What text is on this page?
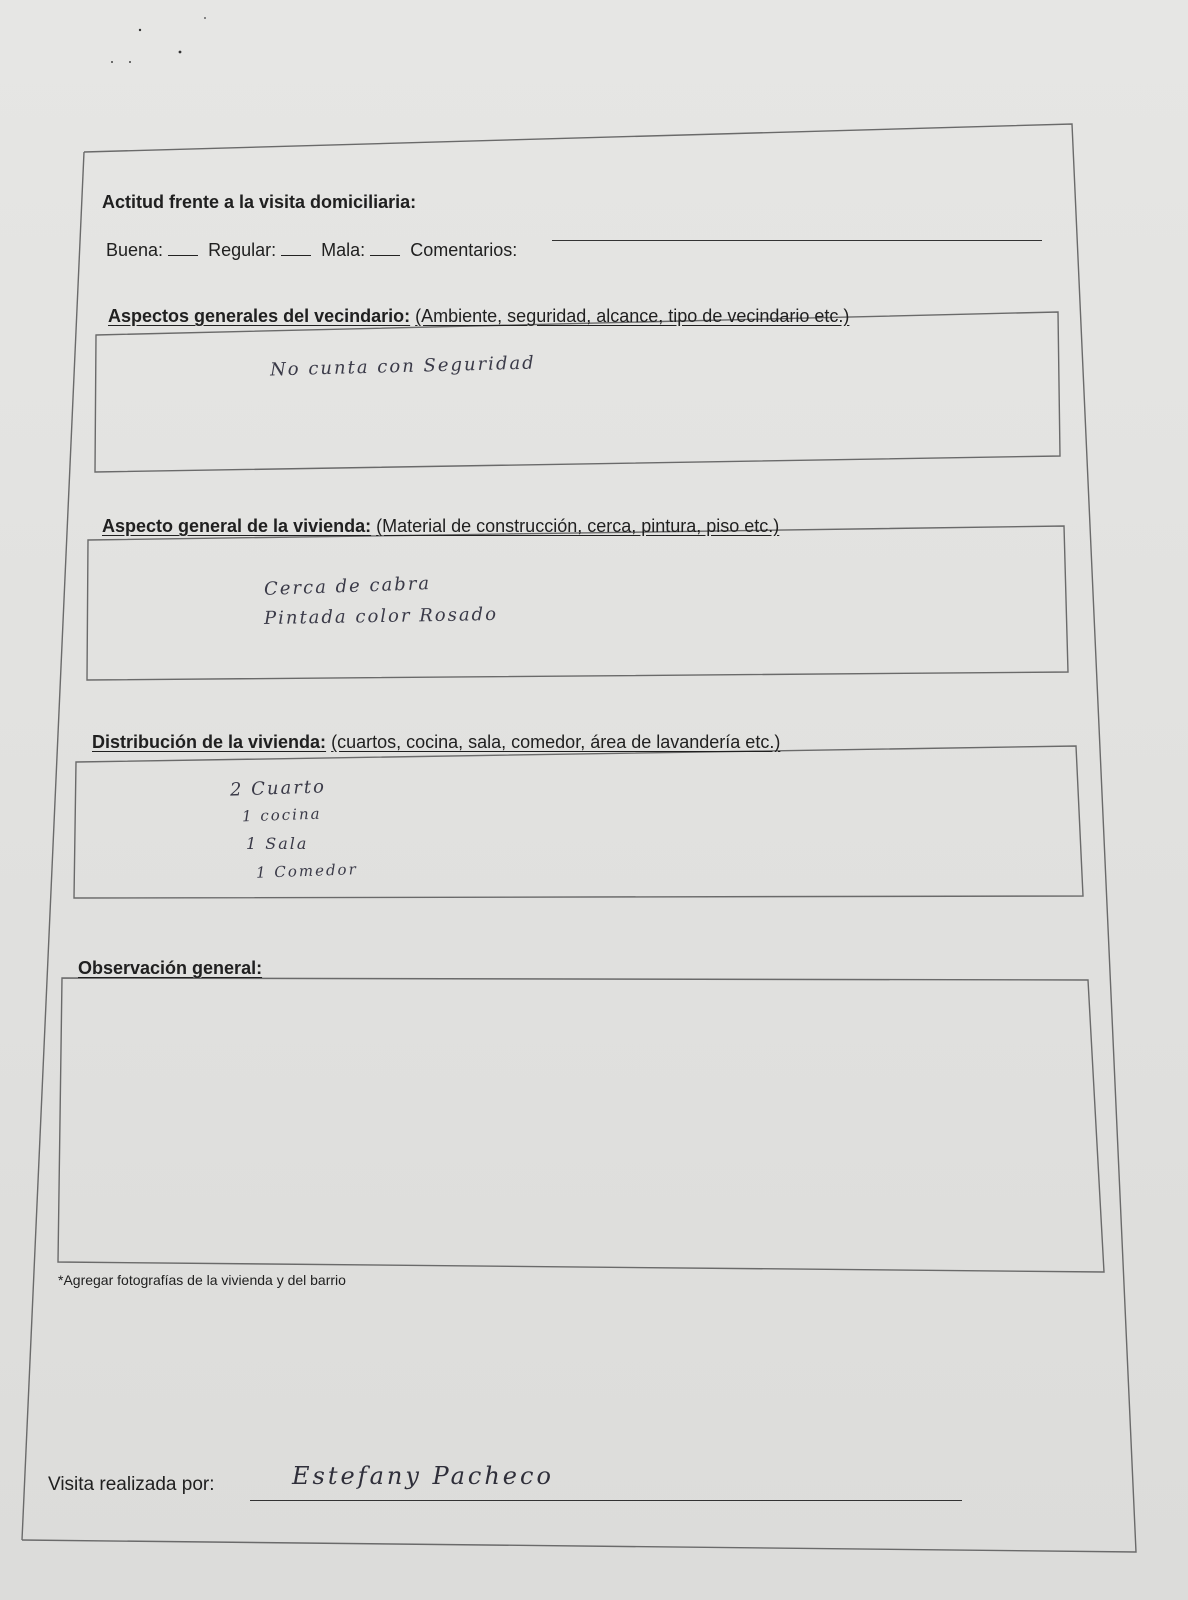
Actitud frente a la visita domiciliaria:
Buena:	Regular:	Mala:	Comentarios:
Aspectos generales del vecindario: (Ambiente, seguridad, alcance, tipo de vecindario etc.)
No cunta con Seguridad
Aspecto general de la vivienda: (Material de construcción, cerca, pintura, piso etc.)
Cerca de cabra
Pintada color Rosado
Distribución de la vivienda: (cuartos, cocina, sala, comedor, área de lavandería etc.)
2 Cuarto
1 cocina
1 Sala
1 Comedor
Observación general:
*Agregar fotografías de la vivienda y del barrio
Visita realizada por:	Estefany Pacheco
